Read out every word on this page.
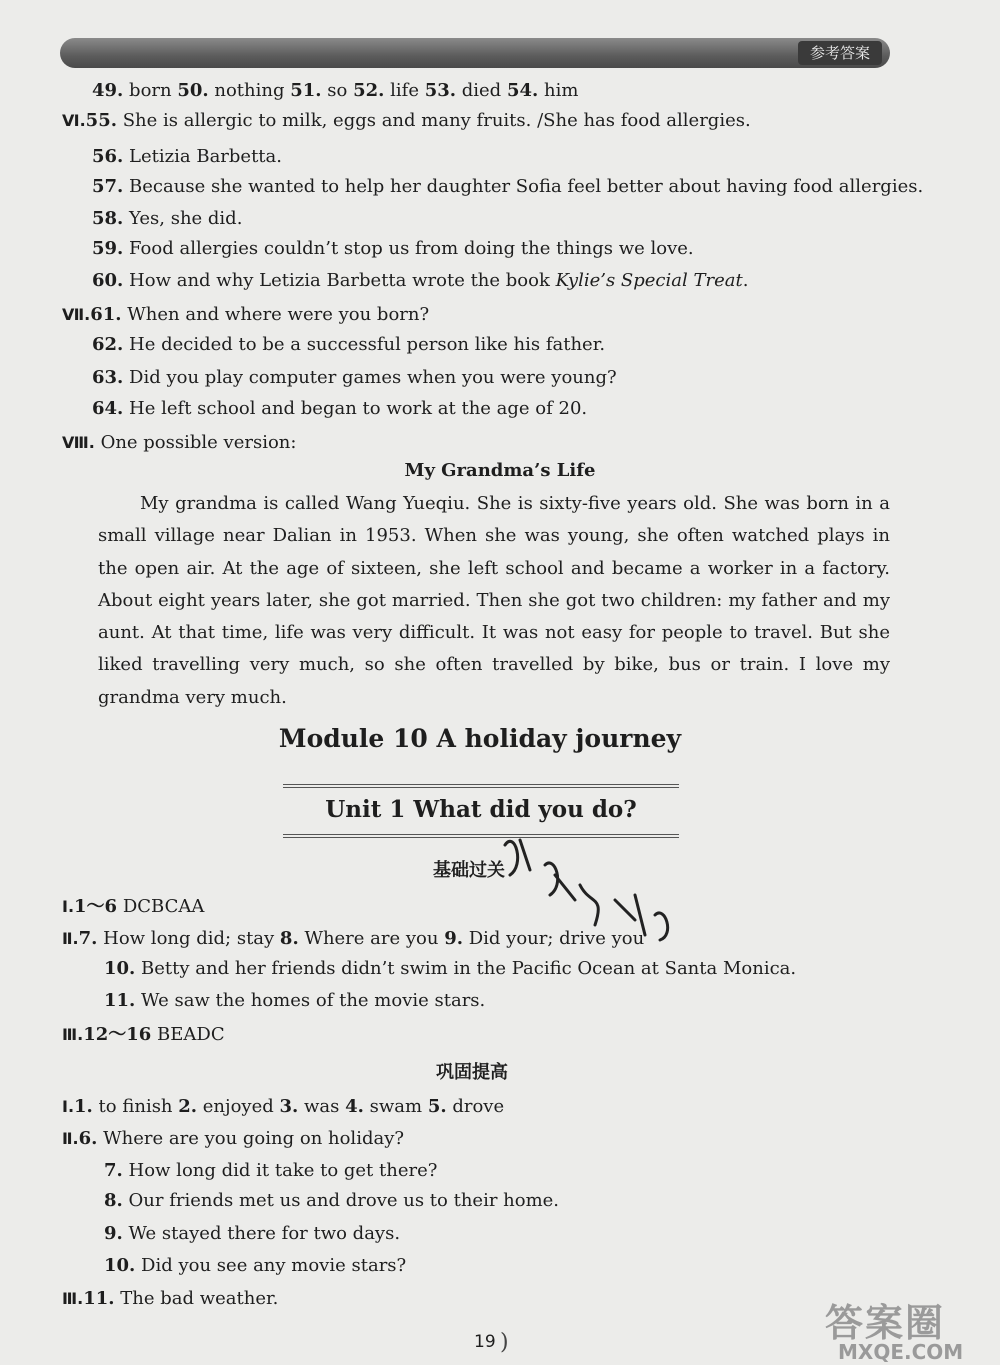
参考答案
49. born 50. nothing 51. so 52. life 53. died 54. him
Ⅵ.55. She is allergic to milk, eggs and many fruits. /She has food allergies.
56. Letizia Barbetta.
57. Because she wanted to help her daughter Sofia feel better about having food allergies.
58. Yes, she did.
59. Food allergies couldn’t stop us from doing the things we love.
60. How and why Letizia Barbetta wrote the book Kylie’s Special Treat.
Ⅶ.61. When and where were you born?
62. He decided to be a successful person like his father.
63. Did you play computer games when you were young?
64. He left school and began to work at the age of 20.
Ⅷ. One possible version:
My Grandma’s Life
My grandma is called Wang Yueqiu. She is sixty-five years old. She was born in a small village near Dalian in 1953. When she was young, she often watched plays in the open air. At the age of sixteen, she left school and became a worker in a factory. About eight years later, she got married. Then she got two children: my father and my aunt. At that time, life was very difficult. It was not easy for people to travel. But she liked travelling very much, so she often travelled by bike, bus or train. I love my grandma very much.
Module 10 A holiday journey
Unit 1 What did you do?
基础过关
Ⅰ.1～6 DCBCAA
Ⅱ.7. How long did; stay 8. Where are you 9. Did your; drive you
10. Betty and her friends didn’t swim in the Pacific Ocean at Santa Monica.
11. We saw the homes of the movie stars.
Ⅲ.12～16 BEADC
巩固提高
Ⅰ.1. to finish 2. enjoyed 3. was 4. swam 5. drove
Ⅱ.6. Where are you going on holiday?
7. How long did it take to get there?
8. Our friends met us and drove us to their home.
9. We stayed there for two days.
10. Did you see any movie stars?
Ⅲ.11. The bad weather.
19 )	答案圈
MXQE.COM
